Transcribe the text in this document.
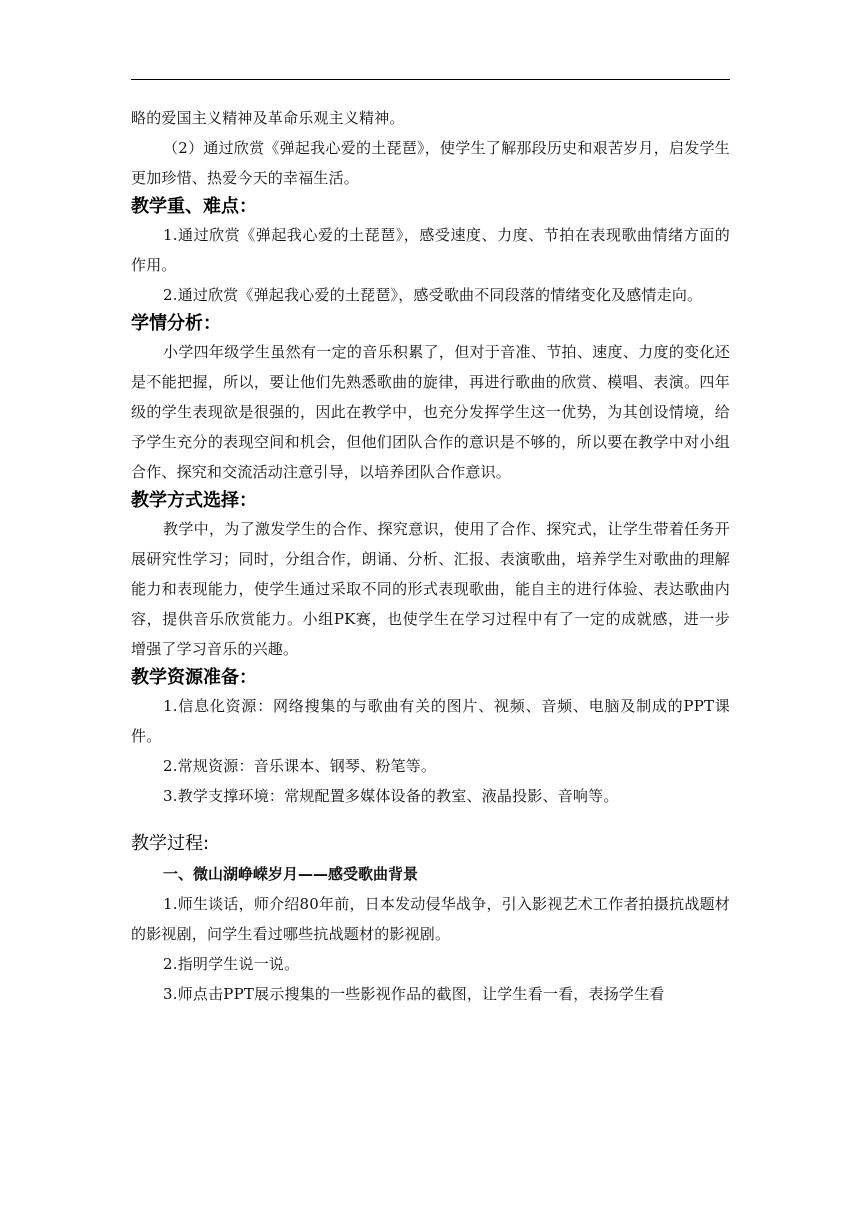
略的爱国主义精神及革命乐观主义精神。

（2）通过欣赏《弹起我心爱的土琵琶》，使学生了解那段历史和艰苦岁月，启发学生更加珍惜、热爱今天的幸福生活。

教学重、难点：

1.通过欣赏《弹起我心爱的土琵琶》，感受速度、力度、节拍在表现歌曲情绪方面的作用。

2.通过欣赏《弹起我心爱的土琵琶》，感受歌曲不同段落的情绪变化及感情走向。

学情分析：

小学四年级学生虽然有一定的音乐积累了，但对于音准、节拍、速度、力度的变化还是不能把握，所以，要让他们先熟悉歌曲的旋律，再进行歌曲的欣赏、模唱、表演。四年级的学生表现欲是很强的，因此在教学中，也充分发挥学生这一优势，为其创设情境，给予学生充分的表现空间和机会，但他们团队合作的意识是不够的，所以要在教学中对小组合作、探究和交流活动注意引导，以培养团队合作意识。

教学方式选择：

教学中，为了激发学生的合作、探究意识，使用了合作、探究式，让学生带着任务开展研究性学习；同时，分组合作，朗诵、分析、汇报、表演歌曲，培养学生对歌曲的理解能力和表现能力，使学生通过采取不同的形式表现歌曲，能自主的进行体验、表达歌曲内容，提供音乐欣赏能力。小组PK赛，也使学生在学习过程中有了一定的成就感，进一步增强了学习音乐的兴趣。

教学资源准备：

1.信息化资源：网络搜集的与歌曲有关的图片、视频、音频、电脑及制成的PPT课件。

2.常规资源：音乐课本、钢琴、粉笔等。

3.教学支撑环境：常规配置多媒体设备的教室、液晶投影、音响等。

教学过程:

一、微山湖峥嵘岁月——感受歌曲背景

1.师生谈话，师介绍80年前，日本发动侵华战争，引入影视艺术工作者拍摄抗战题材的影视剧，问学生看过哪些抗战题材的影视剧。

2.指明学生说一说。

3.师点击PPT展示搜集的一些影视作品的截图，让学生看一看，表扬学生看
